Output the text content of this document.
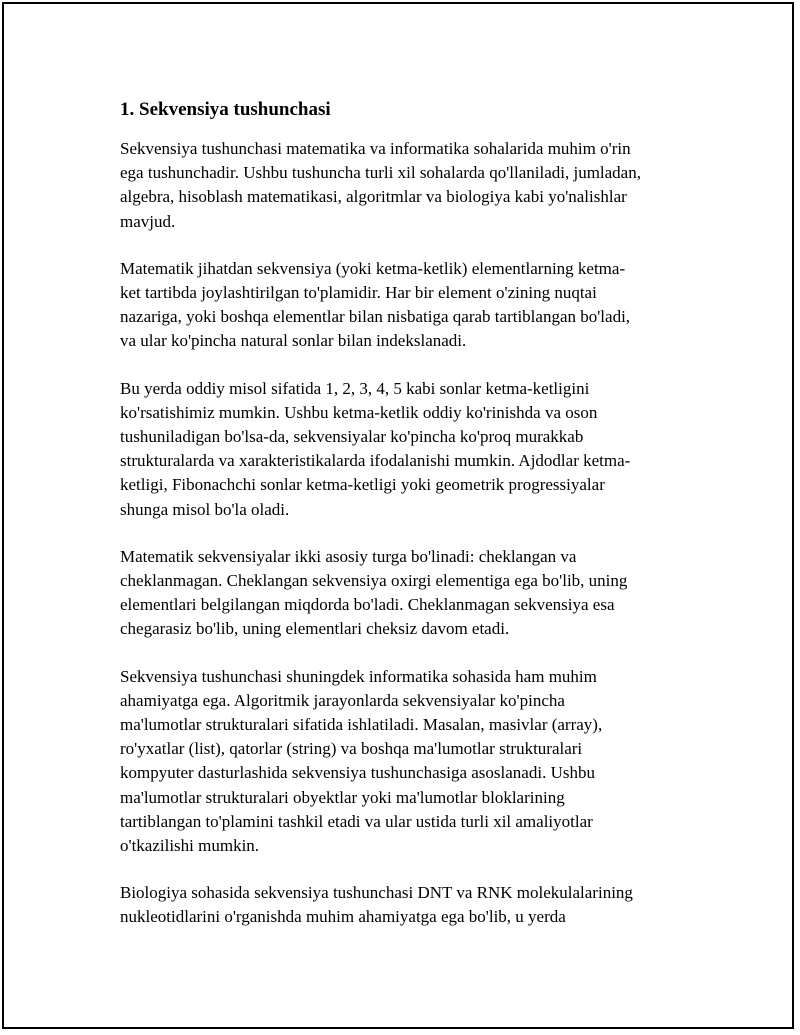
1. Sekvensiya tushunchasi

Sekvensiya tushunchasi matematika va informatika sohalarida muhim o'rin
ega tushunchadir. Ushbu tushuncha turli xil sohalarda qo'llaniladi, jumladan,
algebra, hisoblash matematikasi, algoritmlar va biologiya kabi yo'nalishlar
mavjud.

Matematik jihatdan sekvensiya (yoki ketma-ketlik) elementlarning ketma-
ket tartibda joylashtirilgan to'plamidir. Har bir element o'zining nuqtai
nazariga, yoki boshqa elementlar bilan nisbatiga qarab tartiblangan bo'ladi,
va ular ko'pincha natural sonlar bilan indekslanadi.

Bu yerda oddiy misol sifatida 1, 2, 3, 4, 5 kabi sonlar ketma-ketligini
ko'rsatishimiz mumkin. Ushbu ketma-ketlik oddiy ko'rinishda va oson
tushuniladigan bo'lsa-da, sekvensiyalar ko'pincha ko'proq murakkab
strukturalarda va xarakteristikalarda ifodalanishi mumkin. Ajdodlar ketma-
ketligi, Fibonachchi sonlar ketma-ketligi yoki geometrik progressiyalar
shunga misol bo'la oladi.

Matematik sekvensiyalar ikki asosiy turga bo'linadi: cheklangan va
cheklanmagan. Cheklangan sekvensiya oxirgi elementiga ega bo'lib, uning
elementlari belgilangan miqdorda bo'ladi. Cheklanmagan sekvensiya esa
chegarasiz bo'lib, uning elementlari cheksiz davom etadi.

Sekvensiya tushunchasi shuningdek informatika sohasida ham muhim
ahamiyatga ega. Algoritmik jarayonlarda sekvensiyalar ko'pincha
ma'lumotlar strukturalari sifatida ishlatiladi. Masalan, masivlar (array),
ro'yxatlar (list), qatorlar (string) va boshqa ma'lumotlar strukturalari
kompyuter dasturlashida sekvensiya tushunchasiga asoslanadi. Ushbu
ma'lumotlar strukturalari obyektlar yoki ma'lumotlar bloklarining
tartiblangan to'plamini tashkil etadi va ular ustida turli xil amaliyotlar
o'tkazilishi mumkin.

Biologiya sohasida sekvensiya tushunchasi DNT va RNK molekulalarining
nukleotidlarini o'rganishda muhim ahamiyatga ega bo'lib, u yerda
